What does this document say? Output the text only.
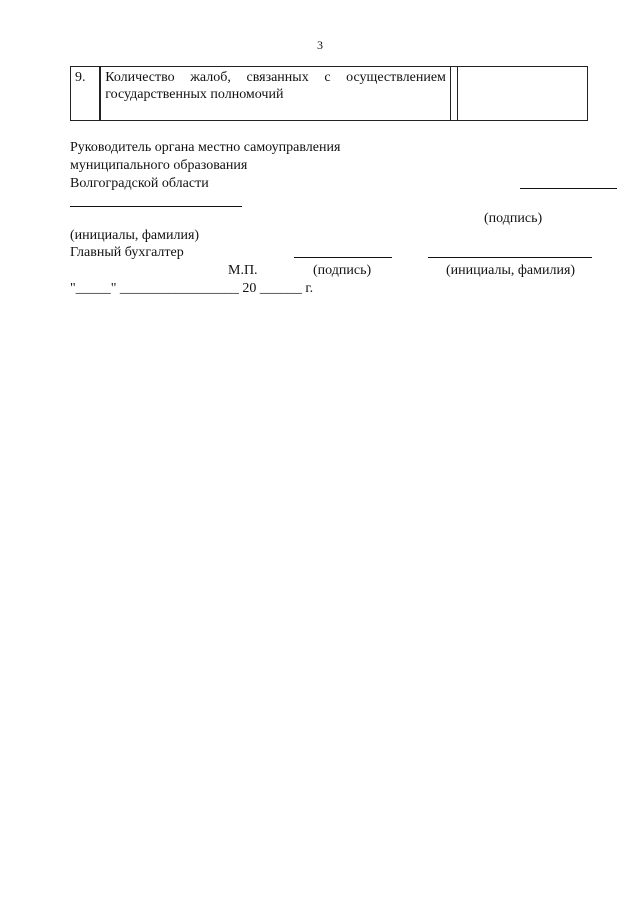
3
9.	Количество жалоб, связанных с осуществлением
государственных полномочий

Руководитель органа местно самоуправления
муниципального образования
Волгоградской области
(подпись)
(инициалы, фамилия)
Главный бухгалтер
М.П.	(подпись)	(инициалы, фамилия)
"_____" _________________ 20 ______ г.
